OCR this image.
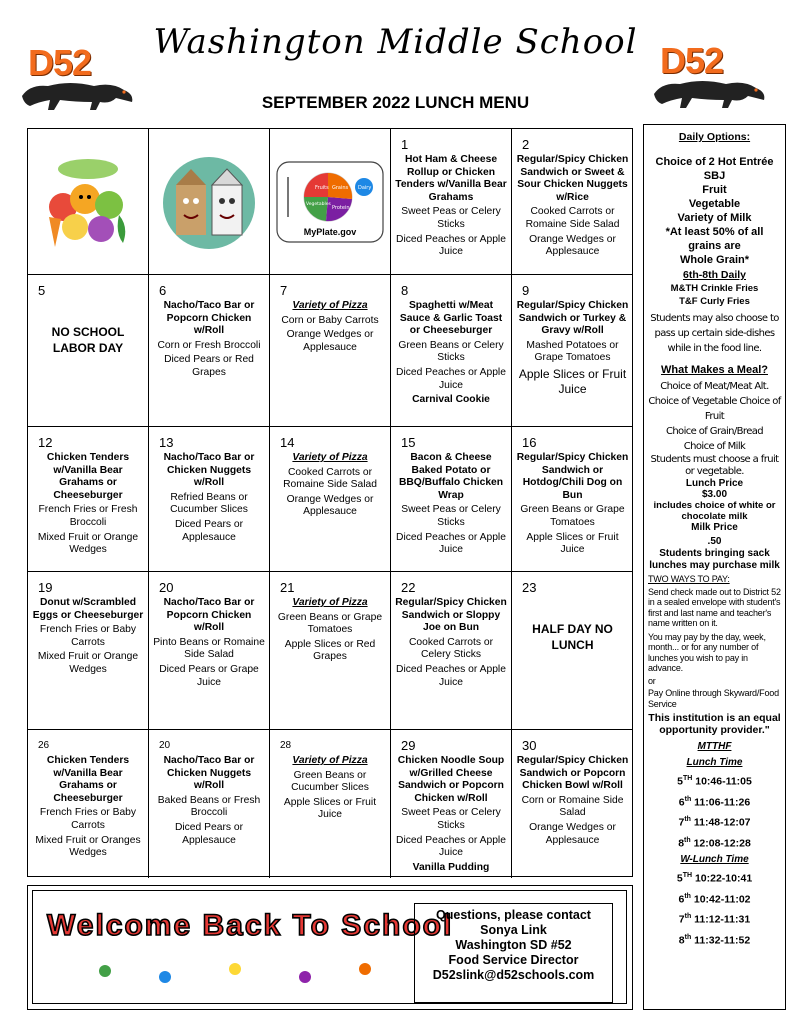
Washington Middle School
SEPTEMBER 2022 LUNCH MENU
D52	D52
Fruits Grains Dairy
Vegetables
Protein
MyPlate.gov
1
Hot Ham & Cheese Rollup or Chicken Tenders w/Vanilla Bear Grahams
Sweet Peas or Celery Sticks
Diced Peaches or Apple Juice
2
Regular/Spicy Chicken Sandwich or Sweet & Sour Chicken Nuggets w/Rice
Cooked Carrots or Romaine Side Salad
Orange Wedges or Applesauce
5
NO SCHOOL LABOR DAY
6
Nacho/Taco Bar or Popcorn Chicken w/Roll
Corn or Fresh Broccoli
Diced Pears or Red Grapes
7
Variety of Pizza
Corn or Baby Carrots
Orange Wedges or Applesauce
8
Spaghetti w/Meat Sauce & Garlic Toast or Cheeseburger
Green Beans or Celery Sticks
Diced Peaches or Apple Juice
Carnival Cookie
9
Regular/Spicy Chicken Sandwich or Turkey & Gravy w/Roll
Mashed Potatoes or Grape Tomatoes
Apple Slices or Fruit Juice
12
Chicken Tenders w/Vanilla Bear Grahams or Cheeseburger
French Fries or Fresh Broccoli
Mixed Fruit or Orange Wedges
13
Nacho/Taco Bar or Chicken Nuggets w/Roll
Refried Beans or Cucumber Slices
Diced Pears or Applesauce
14
Variety of Pizza
Cooked Carrots or Romaine Side Salad
Orange Wedges or Applesauce
15
Bacon & Cheese Baked Potato or BBQ/Buffalo Chicken Wrap
Sweet Peas or Celery Sticks
Diced Peaches or Apple Juice
16
Regular/Spicy Chicken Sandwich or Hotdog/Chili Dog on Bun
Green Beans or Grape Tomatoes
Apple Slices or Fruit Juice
19
Donut w/Scrambled Eggs or Cheeseburger
French Fries or Baby Carrots
Mixed Fruit or Orange Wedges
20
Nacho/Taco Bar or Popcorn Chicken w/Roll
Pinto Beans or Romaine Side Salad
Diced Pears or Grape Juice
21
Variety of Pizza
Green Beans or Grape Tomatoes
Apple Slices or Red Grapes
22
Regular/Spicy Chicken Sandwich or Sloppy Joe on Bun
Cooked Carrots or Celery Sticks
Diced Peaches or Apple Juice
23
HALF DAY NO LUNCH
26
Chicken Tenders w/Vanilla Bear Grahams or Cheeseburger
French Fries or Baby Carrots
Mixed Fruit or Oranges Wedges
20
Nacho/Taco Bar or Chicken Nuggets w/Roll
Baked Beans or Fresh Broccoli
Diced Pears or Applesauce
28
Variety of Pizza
Green Beans or Cucumber Slices
Apple Slices or Fruit Juice
29
Chicken Noodle Soup w/Grilled Cheese Sandwich or Popcorn Chicken w/Roll
Sweet Peas or Celery Sticks
Diced Peaches or Apple Juice
Vanilla Pudding
30
Regular/Spicy Chicken Sandwich or Popcorn Chicken Bowl w/Roll
Corn or Romaine Side Salad
Orange Wedges or Applesauce
Daily Options:
Choice of 2 Hot Entrée
SBJ
Fruit
Vegetable
Variety of Milk
*At least 50% of all grains are
Whole Grain*
6th-8th Daily
M&TH Crinkle Fries
T&F Curly Fries
Students may also choose to pass up certain side-dishes while in the food line.
What Makes a Meal?
Choice of Meat/Meat Alt.
Choice of Vegetable Choice of Fruit
Choice of Grain/Bread
Choice of Milk
Students must choose a fruit or vegetable.
Lunch Price
$3.00
includes choice of white or chocolate milk
Milk Price
.50
Students bringing sack lunches may purchase milk
TWO WAYS TO PAY:
Send check made out to District 52 in a sealed envelope with student's first and last name and teacher's name written on it.
You may pay by the day, week, month... or for any number of lunches you wish to pay in advance.
or
Pay Online through Skyward/Food Service
This institution is an equal opportunity provider."
MTTHF
Lunch Time
5TH 10:46-11:05
6th 11:06-11:26
7th 11:48-12:07
8th 12:08-12:28
W-Lunch Time
5TH 10:22-10:41
6th 10:42-11:02
7th 11:12-11:31
8th 11:32-11:52
Welcome Back To School
Questions, please contact
Sonya Link
Washington SD #52
Food Service Director
D52slink@d52schools.com
